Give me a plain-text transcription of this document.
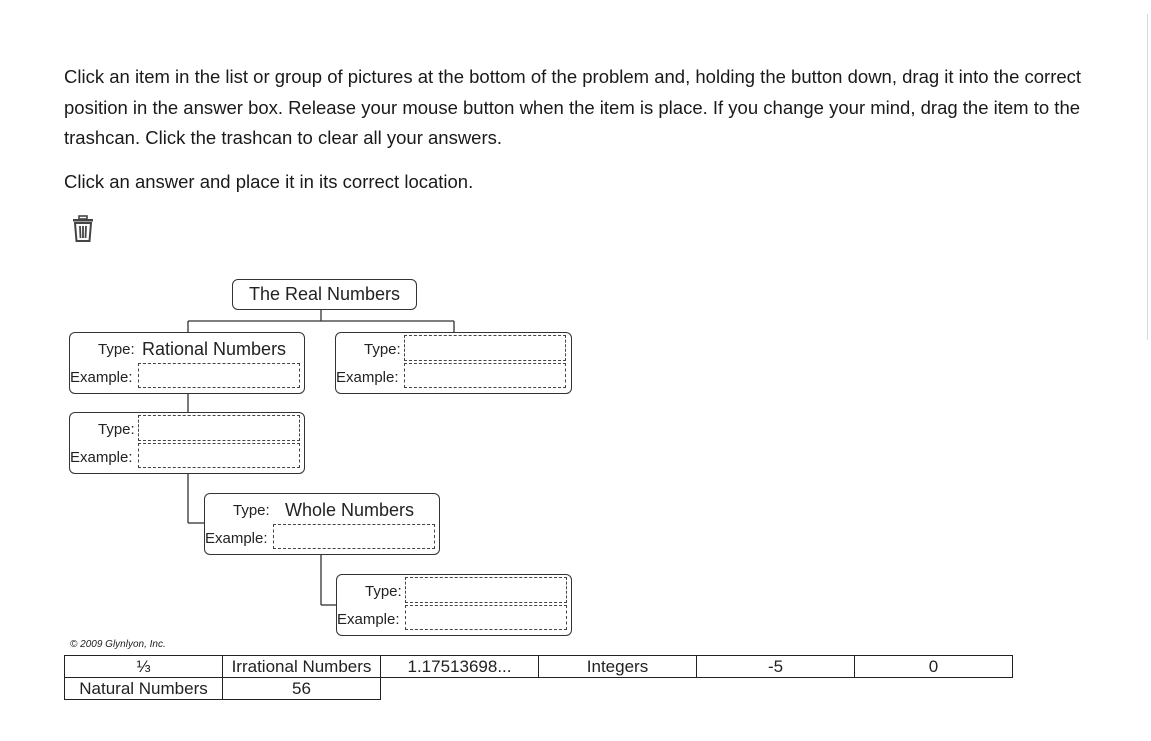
Click an item in the list or group of pictures at the bottom of the problem and, holding the button down, drag it into the correct position in the answer box. Release your mouse button when the item is place. If you change your mind, drag the item to the trashcan. Click the trashcan to clear all your answers.

Click an answer and place it in its correct location.

The Real Numbers
Type: Rational Numbers
Example:
Type:
Example:
Type:
Example:
Type: Whole Numbers
Example:
Type:
Example:
© 2009 Glynlyon, Inc.
⅓	Irrational Numbers	1.17513698...	Integers	-5	0
Natural Numbers	56
